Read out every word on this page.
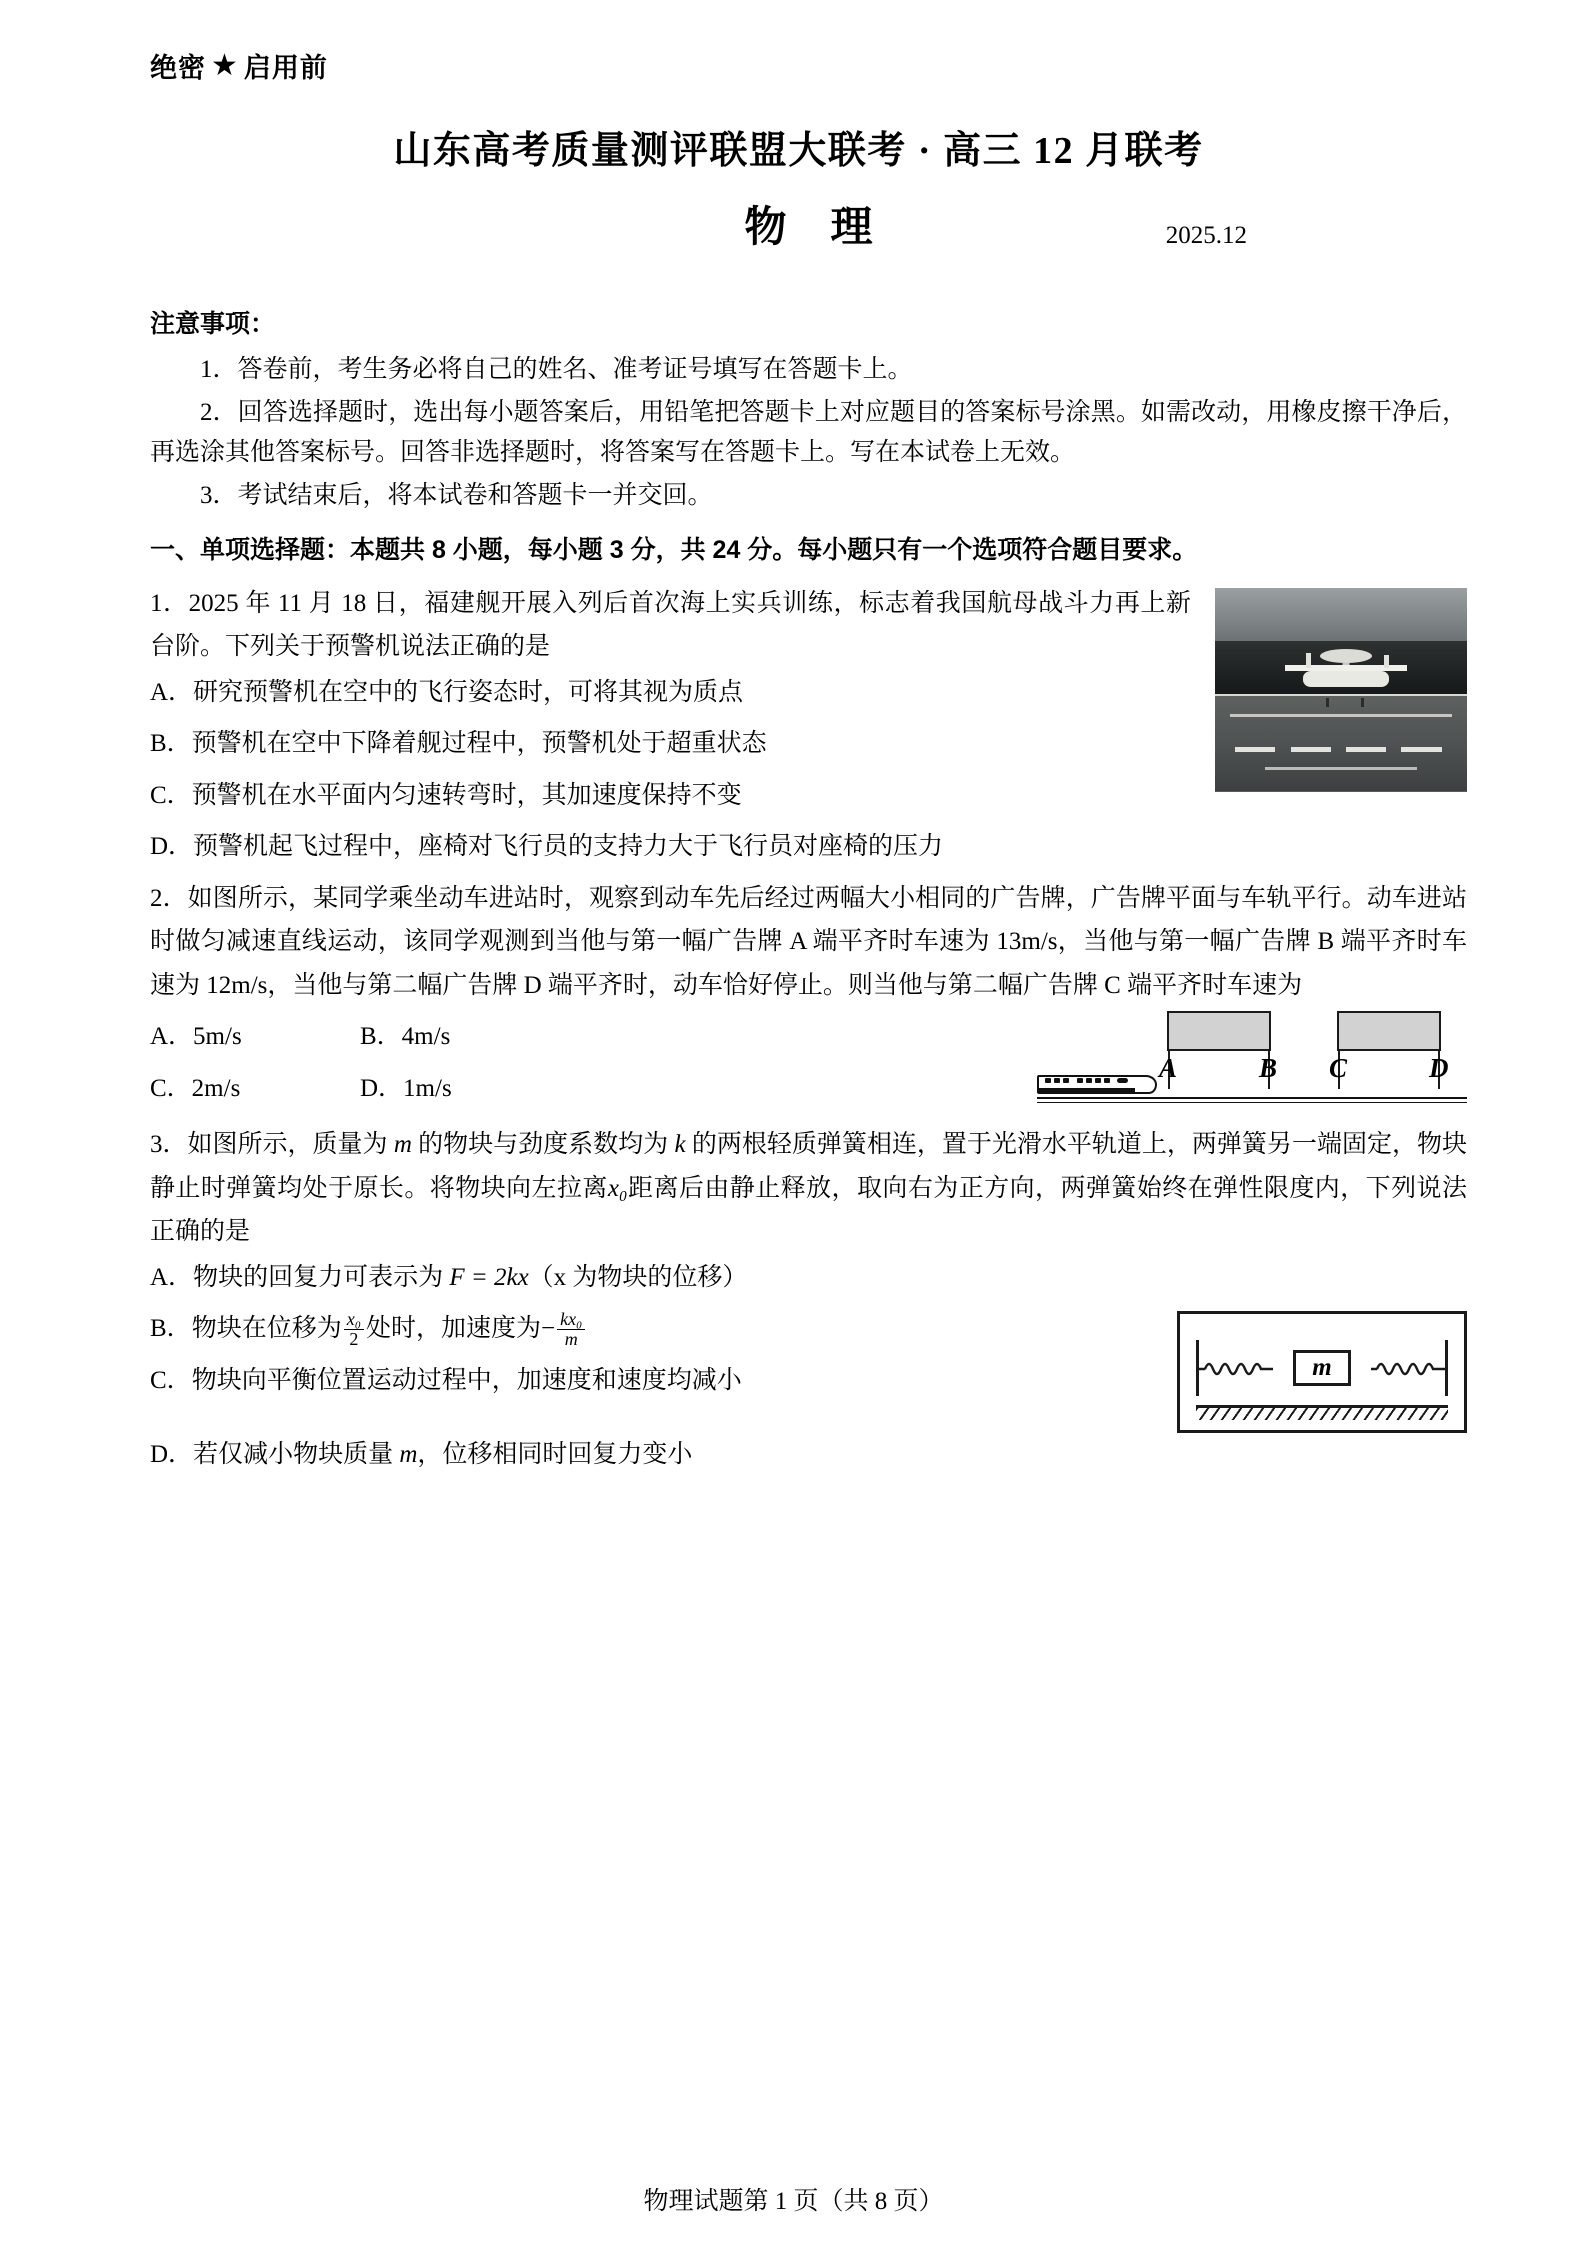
绝密 ★ 启用前
山东高考质量测评联盟大联考 · 高三 12 月联考
物理	2025.12
注意事项：

1．答卷前，考生务必将自己的姓名、准考证号填写在答题卡上。

2．回答选择题时，选出每小题答案后，用铅笔把答题卡上对应题目的答案标号涂黑。如需改动，用橡皮擦干净后，再选涂其他答案标号。回答非选择题时，将答案写在答题卡上。写在本试卷上无效。

3．考试结束后，将本试卷和答题卡一并交回。

一、单项选择题：本题共 8 小题，每小题 3 分，共 24 分。每小题只有一个选项符合题目要求。

1．2025 年 11 月 18 日，福建舰开展入列后首次海上实兵训练，标志着我国航母战斗力再上新台阶。下列关于预警机说法正确的是

A．研究预警机在空中的飞行姿态时，可将其视为质点

B．预警机在空中下降着舰过程中，预警机处于超重状态

C．预警机在水平面内匀速转弯时，其加速度保持不变

D．预警机起飞过程中，座椅对飞行员的支持力大于飞行员对座椅的压力

2．如图所示，某同学乘坐动车进站时，观察到动车先后经过两幅大小相同的广告牌，广告牌平面与车轨平行。动车进站时做匀减速直线运动，该同学观测到当他与第一幅广告牌 A 端平齐时车速为 13m/s，当他与第一幅广告牌 B 端平齐时车速为 12m/s，当他与第二幅广告牌 D 端平齐时，动车恰好停止。则当他与第二幅广告牌 C 端平齐时车速为

A．5m/s	B．4m/s
C．2m/s	D．1m/s
A	B C	D

3．如图所示，质量为 m 的物块与劲度系数均为 k 的两根轻质弹簧相连，置于光滑水平轨道上，两弹簧另一端固定，物块静止时弹簧均处于原长。将物块向左拉离x₀距离后由静止释放，取向右为正方向，两弹簧始终在弹性限度内，下列说法正确的是

A．物块的回复力可表示为 F = 2kx（x 为物块的位移）

B．物块在位移为 $\frac{\text{x₀}}{2}$ 处时，加速度为− $\frac{\text{kx₀}}{m}$

C．物块向平衡位置运动过程中，加速度和速度均减小	m

D．若仅减小物块质量 m，位移相同时回复力变小

物理试题第 1 页（共 8 页）
